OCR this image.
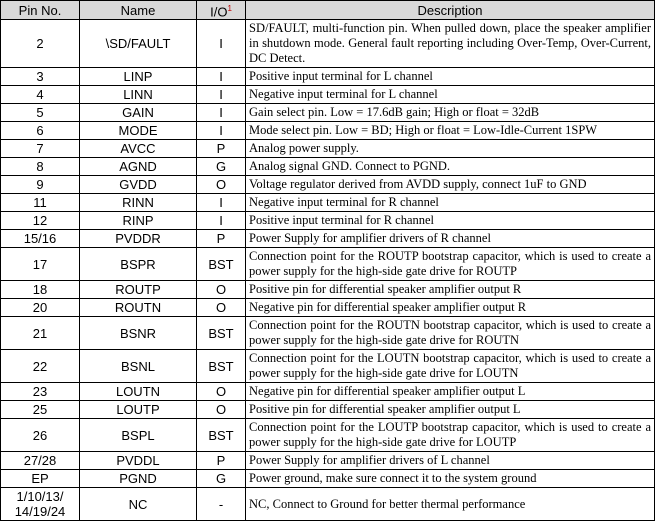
Pin No.	Name	$I/O^1$	Description
2	\SD/FAULT	I	SD/FAULT, multi-function pin. When pulled down, place the speaker amplifier in shutdown mode. General fault reporting including Over-Temp, Over-Current, DC Detect.
3	LINP	I	Positive input terminal for L channel
4	LINN	I	Negative input terminal for L channel
5	GAIN	I	Gain select pin. Low = 17.6dB gain; High or float = 32dB
6	MODE	I	Mode select pin. Low = BD; High or float = Low-Idle-Current 1SPW
7	AVCC	P	Analog power supply.
8	AGND	G	Analog signal GND. Connect to PGND.
9	GVDD	O	Voltage regulator derived from AVDD supply, connect 1uF to GND
11	RINN	I	Negative input terminal for R channel
12	RINP	I	Positive input terminal for R channel
15/16	PVDDR	P	Power Supply for amplifier drivers of R channel
17	BSPR	BST	Connection point for the ROUTP bootstrap capacitor, which is used to create a power supply for the high-side gate drive for ROUTP
18	ROUTP	O	Positive pin for differential speaker amplifier output R
20	ROUTN	O	Negative pin for differential speaker amplifier output R
21	BSNR	BST	Connection point for the ROUTN bootstrap capacitor, which is used to create a power supply for the high-side gate drive for ROUTN
22	BSNL	BST	Connection point for the LOUTN bootstrap capacitor, which is used to create a power supply for the high-side gate drive for LOUTN
23	LOUTN	O	Negative pin for differential speaker amplifier output L
25	LOUTP	O	Positive pin for differential speaker amplifier output L
26	BSPL	BST	Connection point for the LOUTP bootstrap capacitor, which is used to create a power supply for the high-side gate drive for LOUTP
27/28	PVDDL	P	Power Supply for amplifier drivers of L channel
EP	PGND	G	Power ground, make sure connect it to the system ground
1/10/13/
14/19/24	NC	-	NC, Connect to Ground for better thermal performance
